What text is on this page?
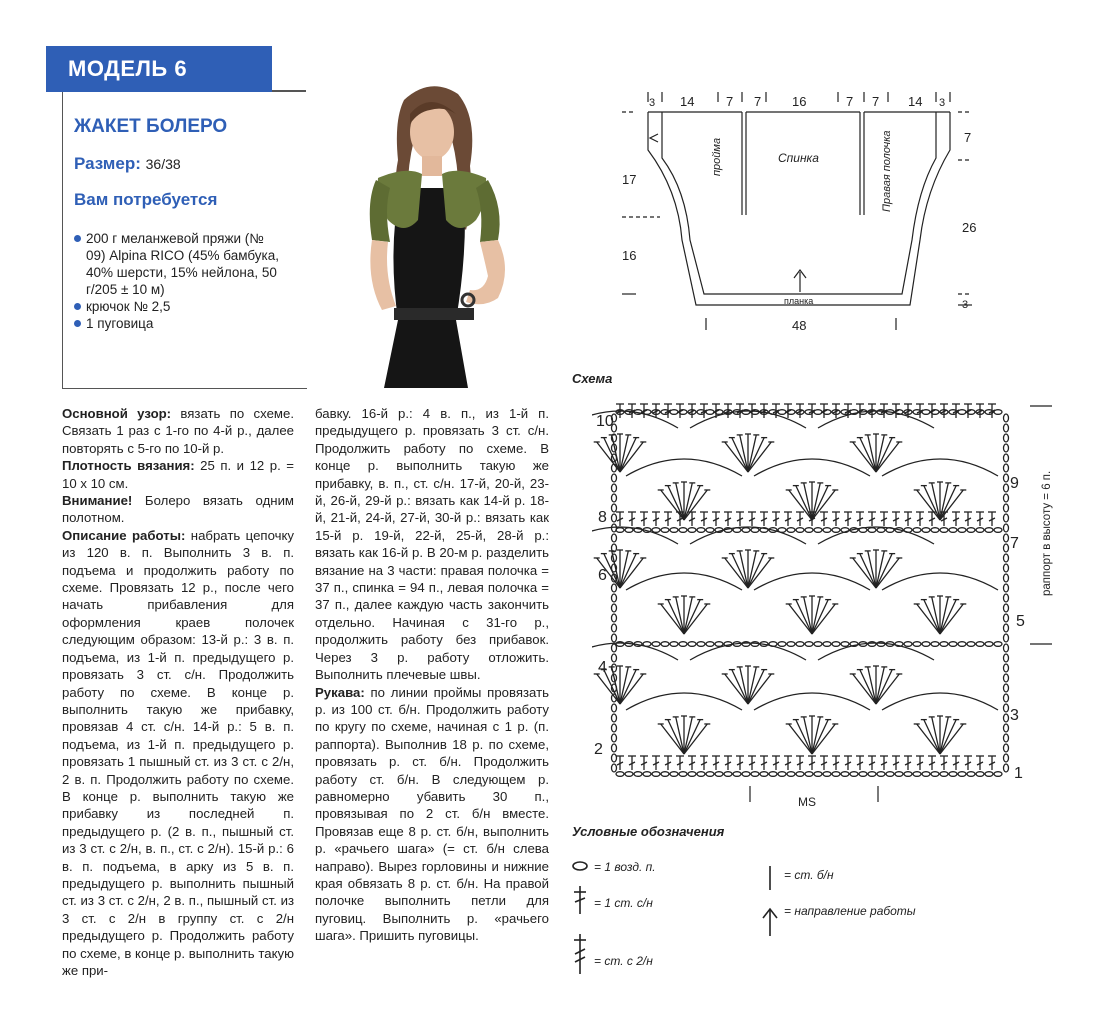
МОДЕЛЬ 6
ЖАКЕТ БОЛЕРО
Размер: 36/38
Вам потребуется
200 г меланжевой пряжи (№ 09) Alpina RICO (45% бамбука, 40% шерсти, 15% нейлона, 50 г/205 ± 10 м)
крючок № 2,5
1 пуговица

Основной узор: вязать по схеме. Связать 1 раз с 1-го по 4-й р., далее повторять с 5-го по 10-й р.

Плотность вязания: 25 п. и 12 р. = 10 х 10 см.

Внимание! Болеро вязать одним полотном.

Описание работы: набрать цепочку из 120 в. п. Выполнить 3 в. п. подъема и продолжить работу по схеме. Провязать 12 р., после чего начать прибавления для оформления краев полочек следующим образом: 13-й р.: 3 в. п. подъема, из 1-й п. предыдущего р. провязать 3 ст. с/н. Продолжить работу по схеме. В конце р. выполнить такую же прибавку, провязав 4 ст. с/н. 14-й р.: 5 в. п. подъема, из 1-й п. предыдущего р. провязать 1 пышный ст. из 3 ст. с 2/н, 2 в. п. Продолжить работу по схеме. В конце р. выполнить такую же прибавку из последней п. предыдущего р. (2 в. п., пышный ст. из 3 ст. с 2/н, в. п., ст. с 2/н). 15-й р.: 6 в. п. подъема, в арку из 5 в. п. предыдущего р. выполнить пышный ст. из 3 ст. с 2/н, 2 в. п., пышный ст. из 3 ст. с 2/н в группу ст. с 2/н предыдущего р. Продолжить работу по схеме, в конце р. выполнить такую же при-

бавку. 16-й р.: 4 в. п., из 1-й п. предыдущего р. провязать 3 ст. с/н. Продолжить работу по схеме. В конце р. выполнить такую же прибавку, в. п., ст. с/н. 17-й, 20-й, 23-й, 26-й, 29-й р.: вязать как 14-й р. 18-й, 21-й, 24-й, 27-й, 30-й р.: вязать как 15-й р. 19-й, 22-й, 25-й, 28-й р.: вязать как 16-й р. В 20-м р. разделить вязание на 3 части: правая полочка = 37 п., спинка = 94 п., левая полочка = 37 п., далее каждую часть закончить отдельно. Начиная с 31-го р., продолжить работу без прибавок. Через 3 р. работу отложить. Выполнить плечевые швы.

Рукава: по линии проймы провязать р. из 100 ст. б/н. Продолжить работу по кругу по схеме, начиная с 1 р. (п. раппорта). Выполнив 18 р. по схеме, провязать р. ст. б/н. Продолжить работу ст. б/н. В следующем р. равномерно убавить 30 п., провязывая по 2 ст. б/н вместе. Провязав еще 8 р. ст. б/н, выполнить р. «рачьего шага» (= ст. б/н слева направо). Вырез горловины и нижние края обвязать 8 р. ст. б/н. На правой полочке выполнить петли для пуговиц. Выполнить р. «рачьего шага». Пришить пуговицы.

3 14 7 7 16	7 7 14 3
17
16
7
26
3
48
планка
Спинка
пройма	Правая полочка
Схема
1
2
3
4
5
6
7
8
9
10
MS
раппорт в высоту = 6 п.
Условные обозначения
= 1 возд. п.
= 1 ст. с/н
= ст. с 2/н
= ст. б/н
= направление работы
